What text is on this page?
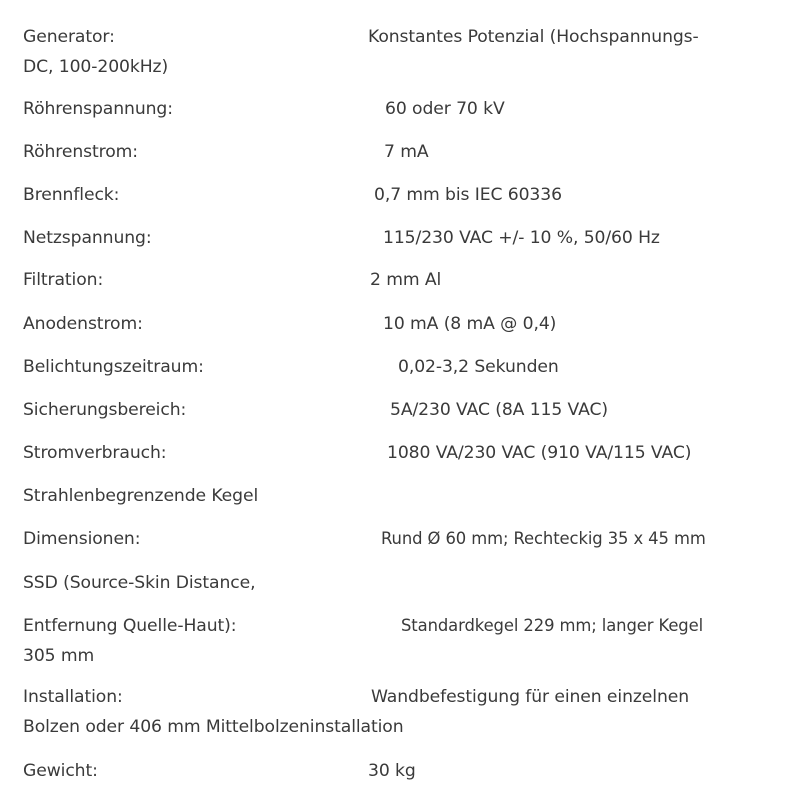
Generator:	Konstantes Potenzial (Hochspannungs-
DC, 100-200kHz)
Röhrenspannung:	60 oder 70 kV
Röhrenstrom:	7 mA
Brennfleck:	0,7 mm bis IEC 60336
Netzspannung:	115/230 VAC +/- 10 %, 50/60 Hz
Filtration:	2 mm Al
Anodenstrom:	10 mA (8 mA @ 0,4)
Belichtungszeitraum:	0,02-3,2 Sekunden
Sicherungsbereich:	5A/230 VAC (8A 115 VAC)
Stromverbrauch:	1080 VA/230 VAC (910 VA/115 VAC)
Strahlenbegrenzende Kegel
Dimensionen:	Rund Ø 60 mm; Rechteckig 35 x 45 mm
SSD (Source-Skin Distance,
Entfernung Quelle-Haut):	Standardkegel 229 mm; langer Kegel
305 mm
Installation:	Wandbefestigung für einen einzelnen
Bolzen oder 406 mm Mittelbolzeninstallation
Gewicht:	30 kg
